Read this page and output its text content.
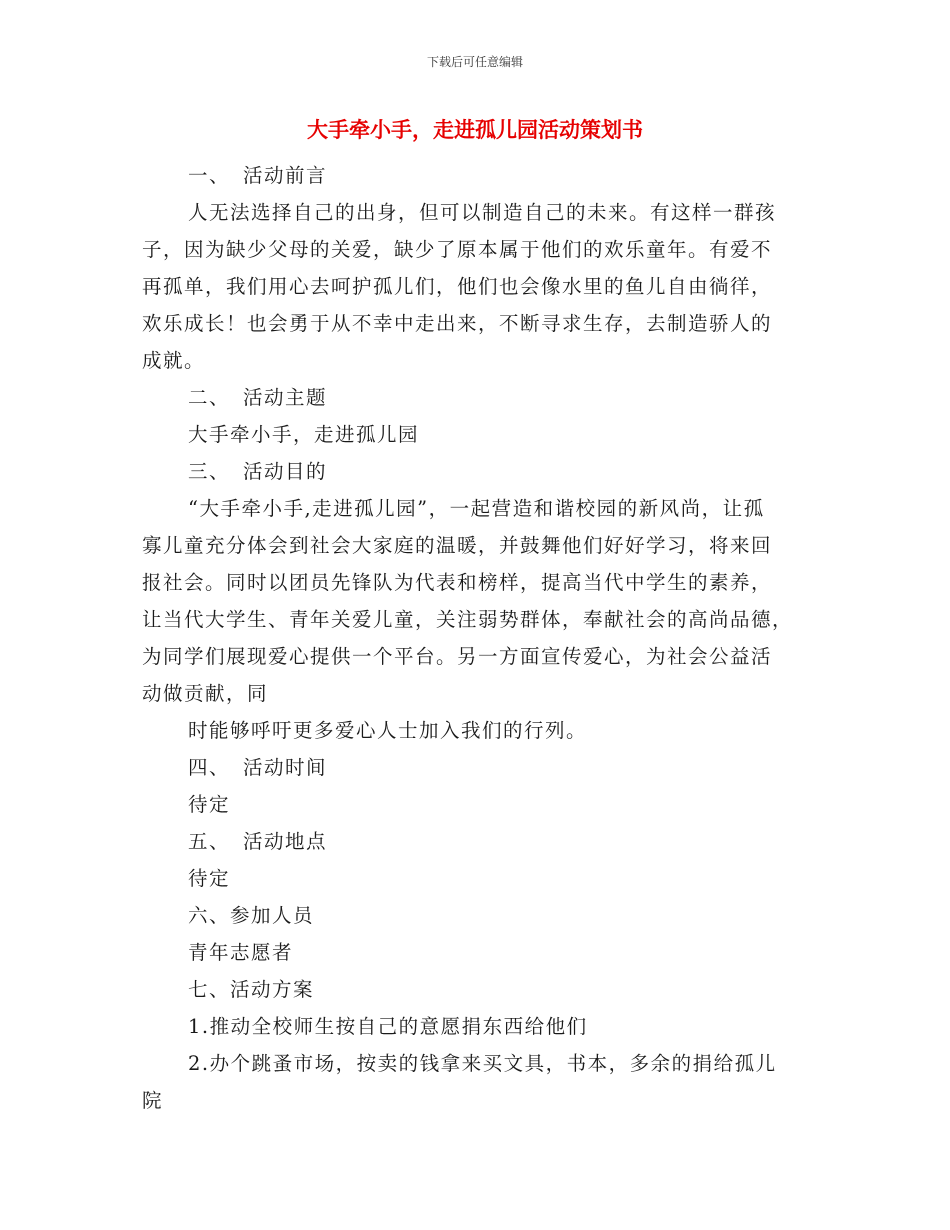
下载后可任意编辑
大手牵小手，走进孤儿园活动策划书
一、 活动前言
人无法选择自己的出身，但可以制造自己的未来。有这样一群孩
子，因为缺少父母的关爱，缺少了原本属于他们的欢乐童年。有爱不
再孤单，我们用心去呵护孤儿们，他们也会像水里的鱼儿自由徜徉，
欢乐成长！也会勇于从不幸中走出来，不断寻求生存，去制造骄人的
成就。
二、 活动主题
大手牵小手，走进孤儿园
三、 活动目的
“大手牵小手,走进孤儿园”，一起营造和谐校园的新风尚，让孤
寡儿童充分体会到社会大家庭的温暖，并鼓舞他们好好学习，将来回
报社会。同时以团员先锋队为代表和榜样，提高当代中学生的素养，
让当代大学生、青年关爱儿童，关注弱势群体，奉献社会的高尚品德，
为同学们展现爱心提供一个平台。另一方面宣传爱心，为社会公益活
动做贡献，同
时能够呼吁更多爱心人士加入我们的行列。
四、 活动时间
待定
五、 活动地点
待定
六、参加人员
青年志愿者
七、活动方案
1.推动全校师生按自己的意愿捐东西给他们
2.办个跳蚤市场，按卖的钱拿来买文具，书本，多余的捐给孤儿
院
